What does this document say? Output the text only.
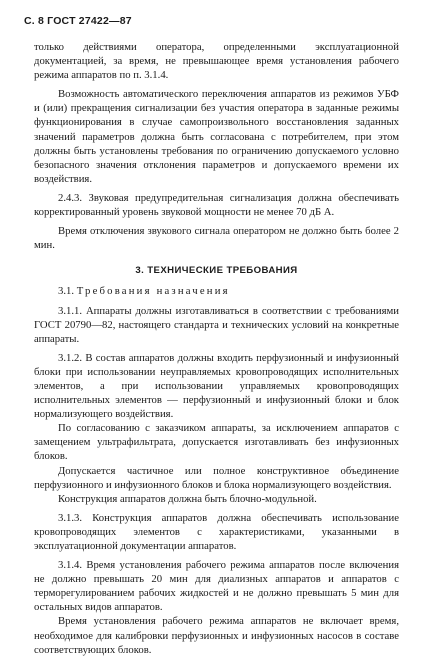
С. 8 ГОСТ 27422—87

только действиями оператора, определенными эксплуатационной документацией, за время, не превышающее время установления рабочего режима аппаратов по п. 3.1.4.

Возможность автоматического переключения аппаратов из режимов УБФ и (или) прекращения сигнализации без участия оператора в заданные режимы функционирования в случае самопроизвольного восстановления заданных значений параметров должна быть согласована с потребителем, при этом должны быть установлены требования по ограничению допускаемого условно безопасного значения отклонения параметров и допускаемого времени их воздействия.

2.4.3. Звуковая предупредительная сигнализация должна обеспечивать корректированный уровень звуковой мощности не менее 70 дБ А.

Время отключения звукового сигнала оператором не должно быть более 2 мин.

3. ТЕХНИЧЕСКИЕ ТРЕБОВАНИЯ

3.1. Требования назначения

3.1.1. Аппараты должны изготавливаться в соответствии с требованиями ГОСТ 20790—82, настоящего стандарта и технических условий на конкретные аппараты.

3.1.2. В состав аппаратов должны входить перфузионный и инфузионный блоки при использовании неуправляемых кровопроводящих исполнительных элементов, а при использовании управляемых кровопроводящих исполнительных элементов — перфузионный и инфузионный блоки и блок нормализующего воздействия.

По согласованию с заказчиком аппараты, за исключением аппаратов с замещением ультрафильтрата, допускается изготавливать без инфузионных блоков.

Допускается частичное или полное конструктивное объединение перфузионного и инфузионного блоков и блока нормализующего воздействия.

Конструкция аппаратов должна быть блочно-модульной.

3.1.3. Конструкция аппаратов должна обеспечивать использование кровопроводящих элементов с характеристиками, указанными в эксплуатационной документации аппаратов.

3.1.4. Время установления рабочего режима аппаратов после включения не должно превышать 20 мин для диализных аппаратов и аппаратов с терморегулированием рабочих жидкостей и не должно превышать 5 мин для остальных видов аппаратов.

Время установления рабочего режима аппаратов не включает время, необходимое для калибровки перфузионных и инфузионных насосов в составе соответствующих блоков.
